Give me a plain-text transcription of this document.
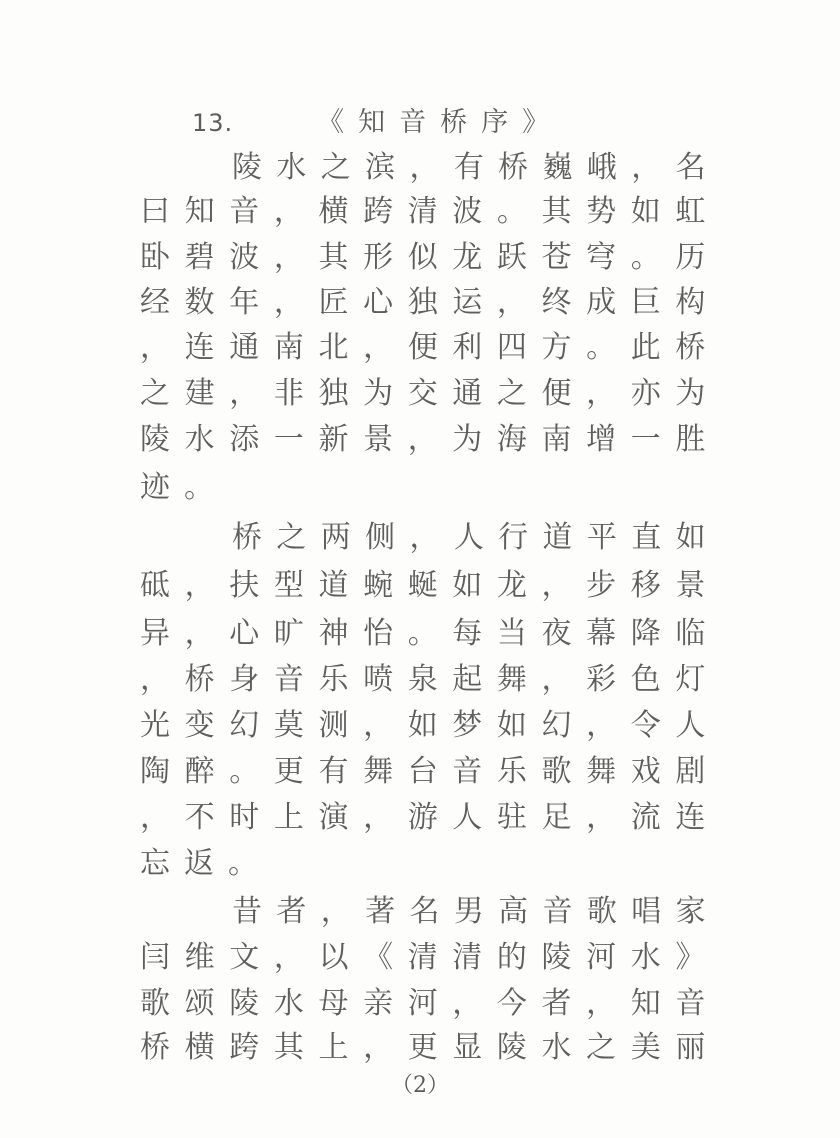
13.	《知音桥序》
陵水之滨，有桥巍峨，名
曰知音，横跨清波。其势如虹
卧碧波，其形似龙跃苍穹。历
经数年，匠心独运，终成巨构
，连通南北，便利四方。此桥
之建，非独为交通之便，亦为
陵水添一新景，为海南增一胜
迹。
桥之两侧，人行道平直如
砥，扶型道蜿蜒如龙，步移景
异，心旷神怡。每当夜幕降临
，桥身音乐喷泉起舞，彩色灯
光变幻莫测，如梦如幻，令人
陶醉。更有舞台音乐歌舞戏剧
，不时上演，游人驻足，流连
忘返。
昔者，著名男高音歌唱家
闫维文，以《清清的陵河水》
歌颂陵水母亲河，今者，知音
桥横跨其上，更显陵水之美丽
（2）
